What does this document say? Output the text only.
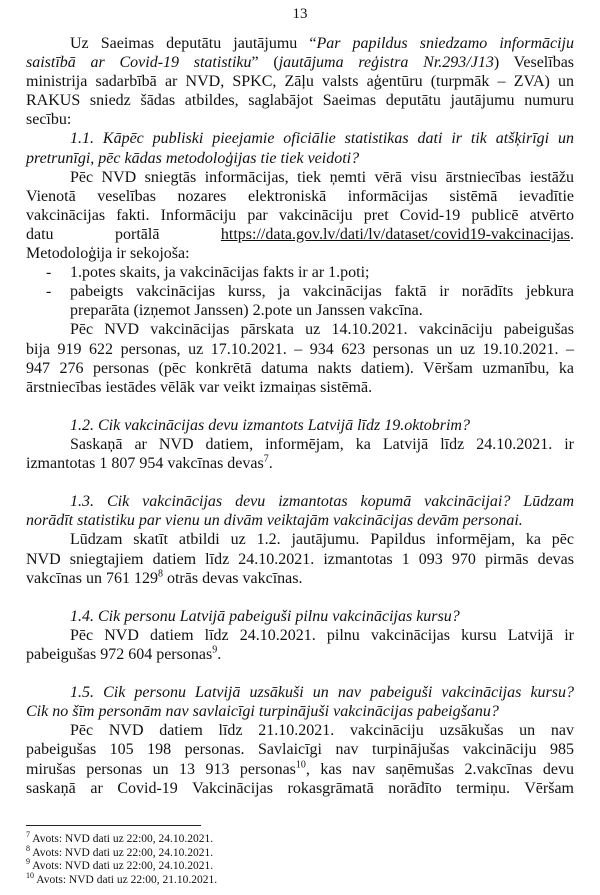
13
Uz Saeimas deputātu jautājumu “Par papildus sniedzamo informāciju
saistībā ar Covid-19 statistiku” (jautājuma reģistra Nr.293/J13) Veselības
ministrija sadarbībā ar NVD, SPKC, Zāļu valsts aģentūru (turpmāk – ZVA) un
RAKUS sniedz šādas atbildes, saglabājot Saeimas deputātu jautājumu numuru
secību:
1.1. Kāpēc publiski pieejamie oficiālie statistikas dati ir tik atšķirīgi un
pretrunīgi, pēc kādas metodoloģijas tie tiek veidoti?
Pēc NVD sniegtās informācijas, tiek ņemti vērā visu ārstniecības iestāžu
Vienotā veselības nozares elektroniskā informācijas sistēmā ievadītie
vakcinācijas fakti. Informāciju par vakcināciju pret Covid-19 publicē atvērto
datu portālā https://data.gov.lv/dati/lv/dataset/covid19-vakcinacijas.
Metodoloģija ir sekojoša:
- 1.potes skaits, ja vakcinācijas fakts ir ar 1.poti;
- pabeigts vakcinācijas kurss, ja vakcinācijas faktā ir norādīts jebkura
preparāta (izņemot Janssen) 2.pote un Janssen vakcīna.
Pēc NVD vakcinācijas pārskata uz 14.10.2021. vakcināciju pabeigušas
bija 919 622 personas, uz 17.10.2021. – 934 623 personas un uz 19.10.2021. –
947 276 personas (pēc konkrētā datuma nakts datiem). Vēršam uzmanību, ka
ārstniecības iestādes vēlāk var veikt izmaiņas sistēmā.
1.2. Cik vakcinācijas devu izmantots Latvijā līdz 19.oktobrim?
Saskaņā ar NVD datiem, informējam, ka Latvijā līdz 24.10.2021. ir
izmantotas 1 807 954 vakcīnas devas$^7$.
1.3. Cik vakcinācijas devu izmantotas kopumā vakcinācijai? Lūdzam
norādīt statistiku par vienu un divām veiktajām vakcinācijas devām personai.
Lūdzam skatīt atbildi uz 1.2. jautājumu. Papildus informējam, ka pēc
NVD sniegtajiem datiem līdz 24.10.2021. izmantotas 1 093 970 pirmās devas
vakcīnas un 761 $129^8$ otrās devas vakcīnas.
1.4. Cik personu Latvijā pabeiguši pilnu vakcinācijas kursu?
Pēc NVD datiem līdz 24.10.2021. pilnu vakcinācijas kursu Latvijā ir
pabeigušas 972 604 personas$^9$.
1.5. Cik personu Latvijā uzsākuši un nav pabeiguši vakcinācijas kursu?
Cik no šīm personām nav savlaicīgi turpinājuši vakcinācijas pabeigšanu?
Pēc NVD datiem līdz 21.10.2021. vakcināciju uzsākušas un nav
pabeigušas 105 198 personas. Savlaicīgi nav turpinājušas vakcināciju 985
mirušas personas un 13 913 personas$^{10}$, kas nav saņēmušas 2.vakcīnas devu
saskaņā ar Covid-19 Vakcinācijas rokasgrāmatā norādīto termiņu. Vēršam
$^7$ Avots: NVD dati uz 22:00, 24.10.2021.
$^8$ Avots: NVD dati uz 22:00, 24.10.2021.
$^9$ Avots: NVD dati uz 22:00, 24.10.2021.
$^{10}$ Avots: NVD dati uz 22:00, 21.10.2021.
